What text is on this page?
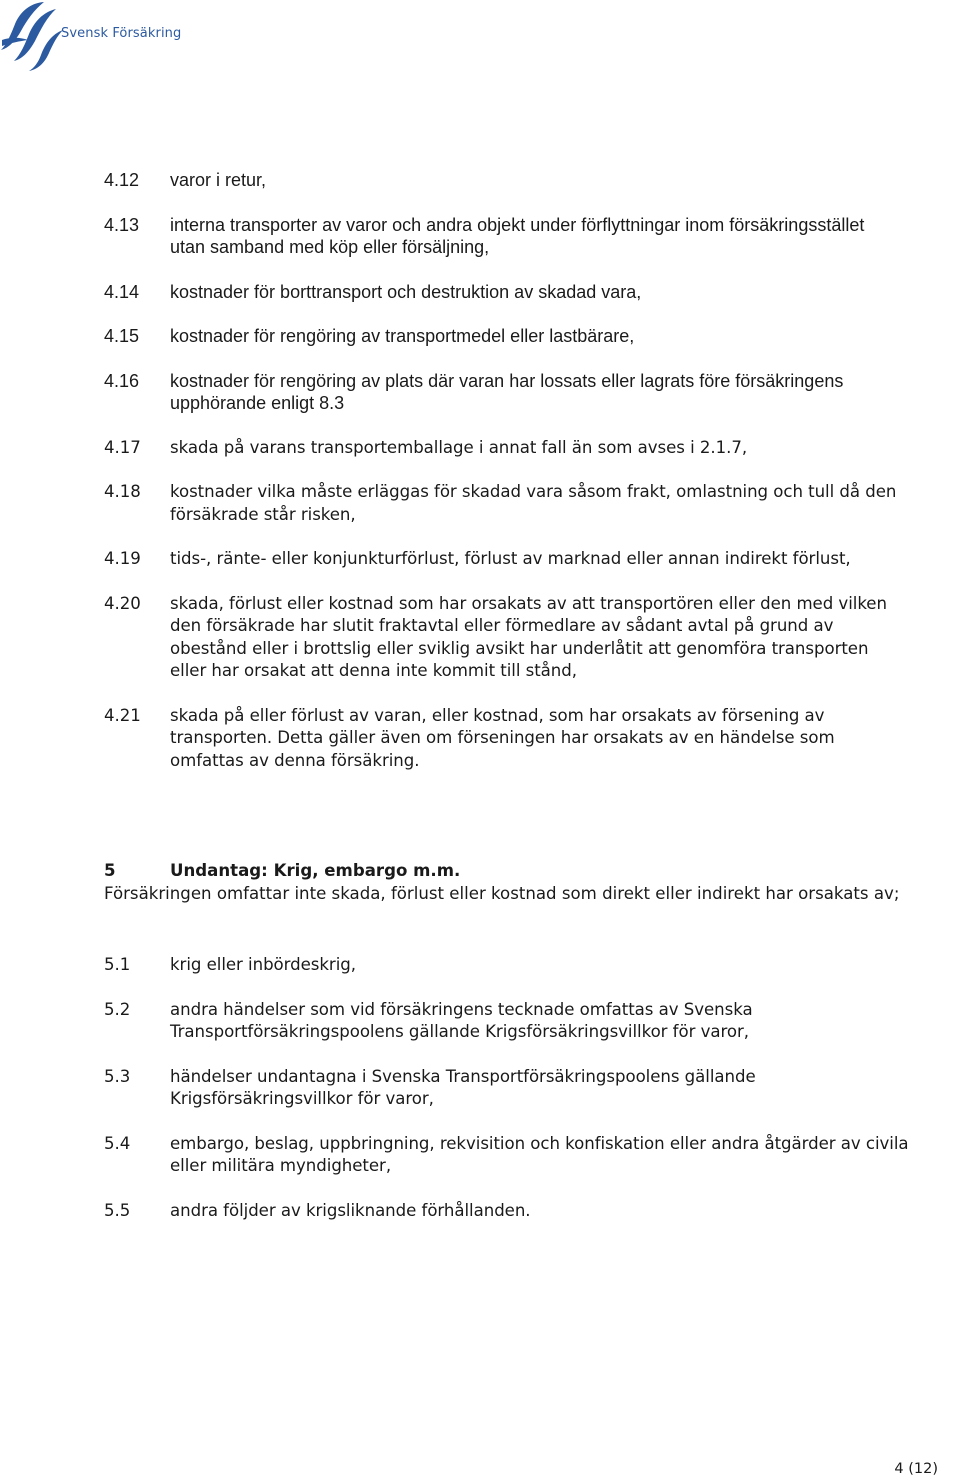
Svensk Försäkring
4.12 varor i retur,
4.13 interna transporter av varor och andra objekt under förflyttningar inom försäkringsstället utan samband med köp eller försäljning,
4.14 kostnader för borttransport och destruktion av skadad vara,
4.15 kostnader för rengöring av transportmedel eller lastbärare,
4.16 kostnader för rengöring av plats där varan har lossats eller lagrats före försäkringens upphörande enligt 8.3
4.17 skada på varans transportemballage i annat fall än som avses i 2.1.7,
4.18 kostnader vilka måste erläggas för skadad vara såsom frakt, omlastning och tull då den försäkrade står risken,
4.19 tids-, ränte- eller konjunkturförlust, förlust av marknad eller annan indirekt förlust,
4.20 skada, förlust eller kostnad som har orsakats av att transportören eller den med vilken den försäkrade har slutit fraktavtal eller förmedlare av sådant avtal på grund av obestånd eller i brottslig eller sviklig avsikt har underlåtit att genomföra transporten eller har orsakat att denna inte kommit till stånd,
4.21 skada på eller förlust av varan, eller kostnad, som har orsakats av försening av transporten. Detta gäller även om förseningen har orsakats av en händelse som omfattas av denna försäkring.
5	Undantag: Krig, embargo m.m.
Försäkringen omfattar inte skada, förlust eller kostnad som direkt eller indirekt har orsakats av;
5.1 krig eller inbördeskrig,
5.2 andra händelser som vid försäkringens tecknade omfattas av Svenska Transportförsäkringspoolens gällande Krigsförsäkringsvillkor för varor,
5.3 händelser undantagna i Svenska Transportförsäkringspoolens gällande Krigsförsäkringsvillkor för varor,
5.4 embargo, beslag, uppbringning, rekvisition och konfiskation eller andra åtgärder av civila eller militära myndigheter,
5.5 andra följder av krigsliknande förhållanden.
4 (12)
